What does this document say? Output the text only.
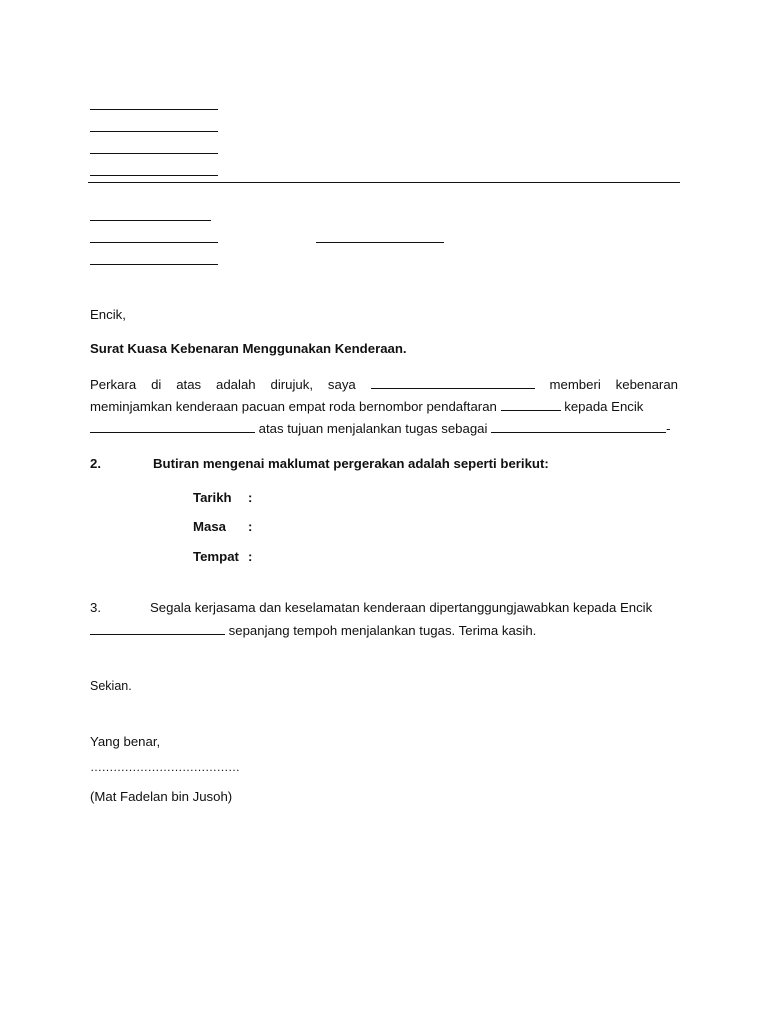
Encik,
Surat Kuasa Kebenaran Menggunakan Kenderaan.
Perkara di atas adalah dirujuk, saya	memberi kebenaran
meminjamkan kenderaan pacuan empat roda bernombor pendaftaran	kepada Encik
atas tujuan menjalankan tugas sebagai	-
2.	Butiran mengenai maklumat pergerakan adalah seperti berikut:
Tarikh :
Masa :
Tempat :
3.	Segala kerjasama dan keselamatan kenderaan dipertanggungjawabkan kepada Encik
sepanjang tempoh menjalankan tugas. Terima kasih.
Sekian.
Yang benar,
…………………………………
(Mat Fadelan bin Jusoh)
